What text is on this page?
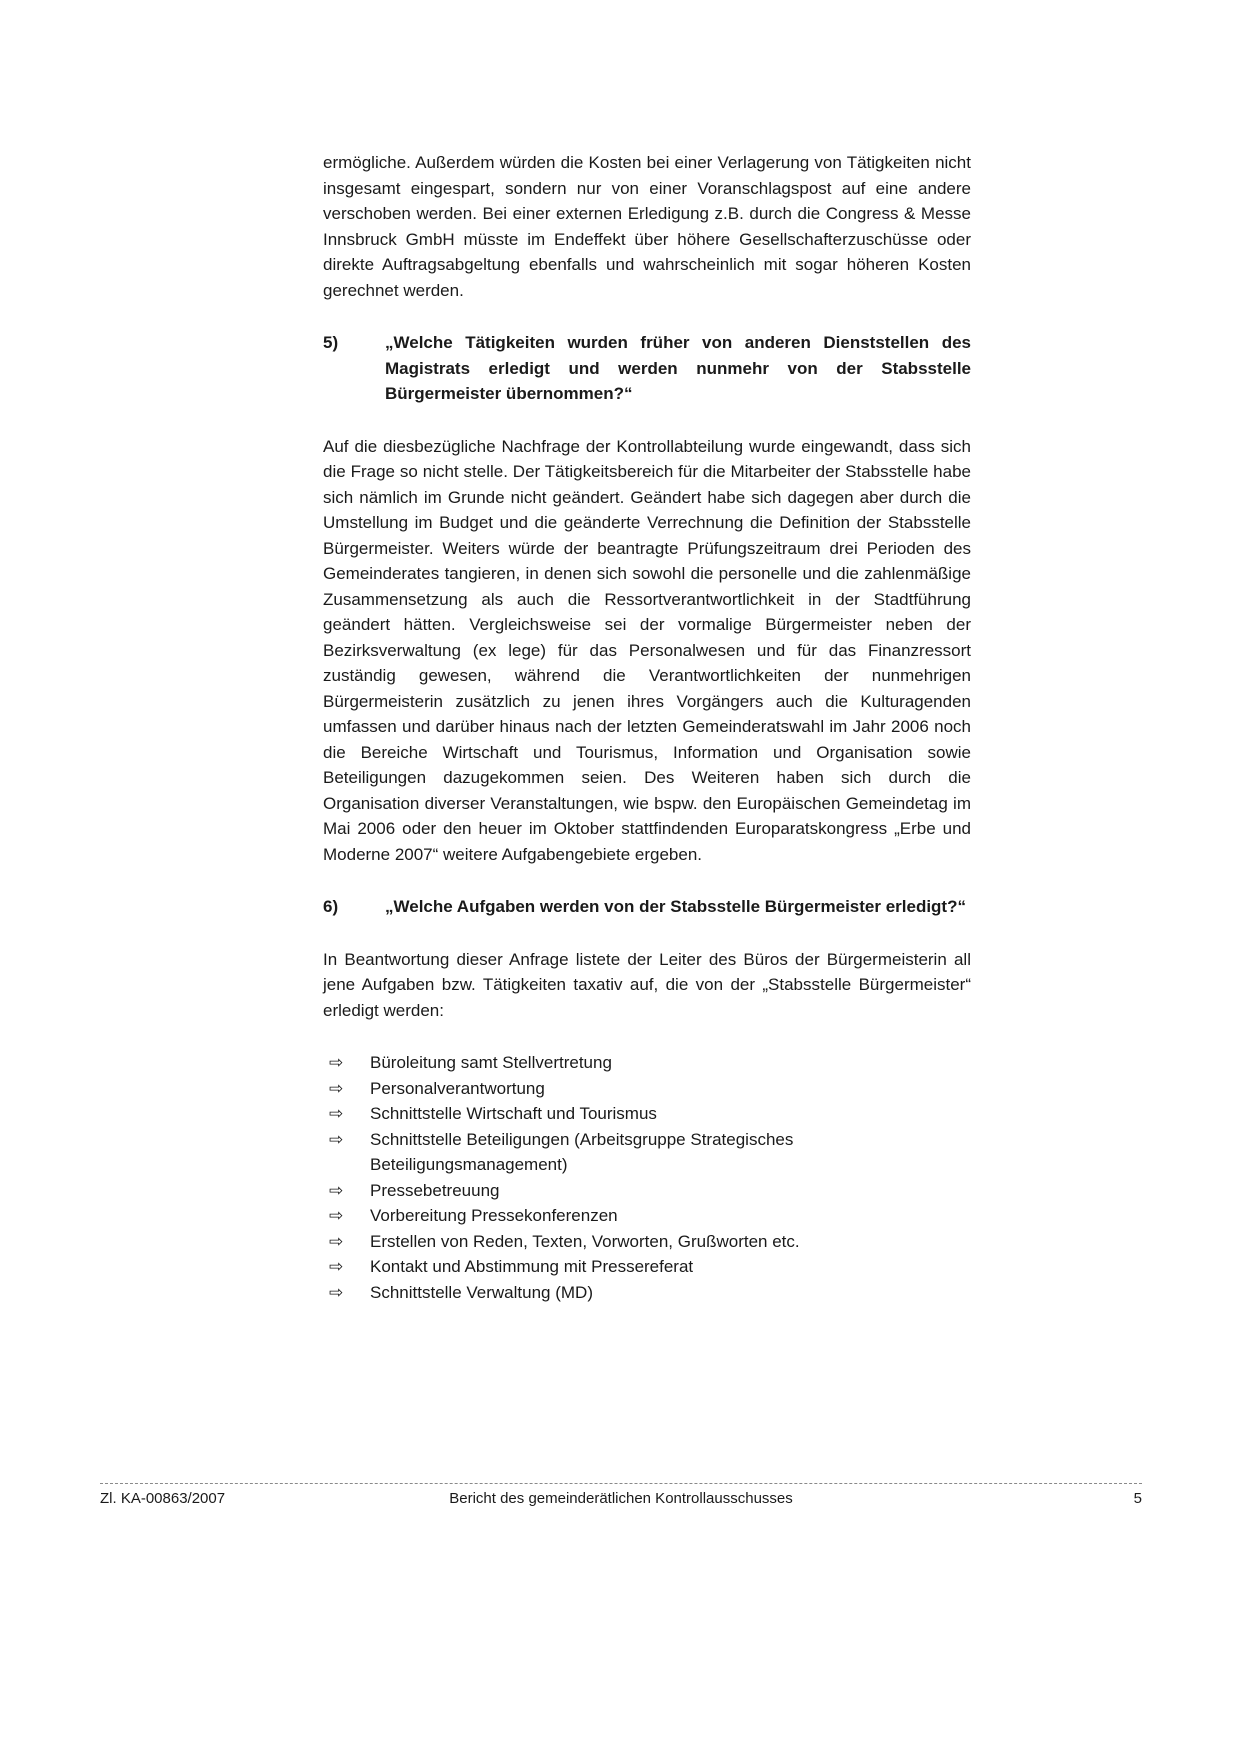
ermögliche. Außerdem würden die Kosten bei einer Verlagerung von Tätigkeiten nicht insgesamt eingespart, sondern nur von einer Voranschlagspost auf eine andere verschoben werden. Bei einer externen Erledigung z.B. durch die Congress & Messe Innsbruck GmbH müsste im Endeffekt über höhere Gesellschafterzuschüsse oder direkte Auftragsabgeltung ebenfalls und wahrscheinlich mit sogar höheren Kosten gerechnet werden.

5)	„Welche Tätigkeiten wurden früher von anderen Dienststellen des Magistrats erledigt und werden nunmehr von der Stabsstelle Bürgermeister übernommen?“

Auf die diesbezügliche Nachfrage der Kontrollabteilung wurde eingewandt, dass sich die Frage so nicht stelle. Der Tätigkeitsbereich für die Mitarbeiter der Stabsstelle habe sich nämlich im Grunde nicht geändert. Geändert habe sich dagegen aber durch die Umstellung im Budget und die geänderte Verrechnung die Definition der Stabsstelle Bürgermeister. Weiters würde der beantragte Prüfungszeitraum drei Perioden des Gemeinderates tangieren, in denen sich sowohl die personelle und die zahlenmäßige Zusammensetzung als auch die Ressortverantwortlichkeit in der Stadtführung geändert hätten. Vergleichsweise sei der vormalige Bürgermeister neben der Bezirksverwaltung (ex lege) für das Personalwesen und für das Finanzressort zuständig gewesen, während die Verantwortlichkeiten der nunmehrigen Bürgermeisterin zusätzlich zu jenen ihres Vorgängers auch die Kulturagenden umfassen und darüber hinaus nach der letzten Gemeinderatswahl im Jahr 2006 noch die Bereiche Wirtschaft und Tourismus, Information und Organisation sowie Beteiligungen dazugekommen seien. Des Weiteren haben sich durch die Organisation diverser Veranstaltungen, wie bspw. den Europäischen Gemeindetag im Mai 2006 oder den heuer im Oktober stattfindenden Europaratskongress „Erbe und Moderne 2007“ weitere Aufgabengebiete ergeben.

6)	„Welche Aufgaben werden von der Stabsstelle Bürgermeister erledigt?“

In Beantwortung dieser Anfrage listete der Leiter des Büros der Bürgermeisterin all jene Aufgaben bzw. Tätigkeiten taxativ auf, die von der „Stabsstelle Bürgermeister“ erledigt werden:

⇨ Büroleitung samt Stellvertretung
⇨ Personalverantwortung
⇨ Schnittstelle Wirtschaft und Tourismus
⇨ Schnittstelle Beteiligungen (Arbeitsgruppe Strategisches Beteiligungsmanagement)
⇨ Pressebetreuung
⇨ Vorbereitung Pressekonferenzen
⇨ Erstellen von Reden, Texten, Vorworten, Grußworten etc.
⇨ Kontakt und Abstimmung mit Pressereferat
⇨ Schnittstelle Verwaltung (MD)
Zl. KA-00863/2007	Bericht des gemeinderätlichen Kontrollausschusses	5
